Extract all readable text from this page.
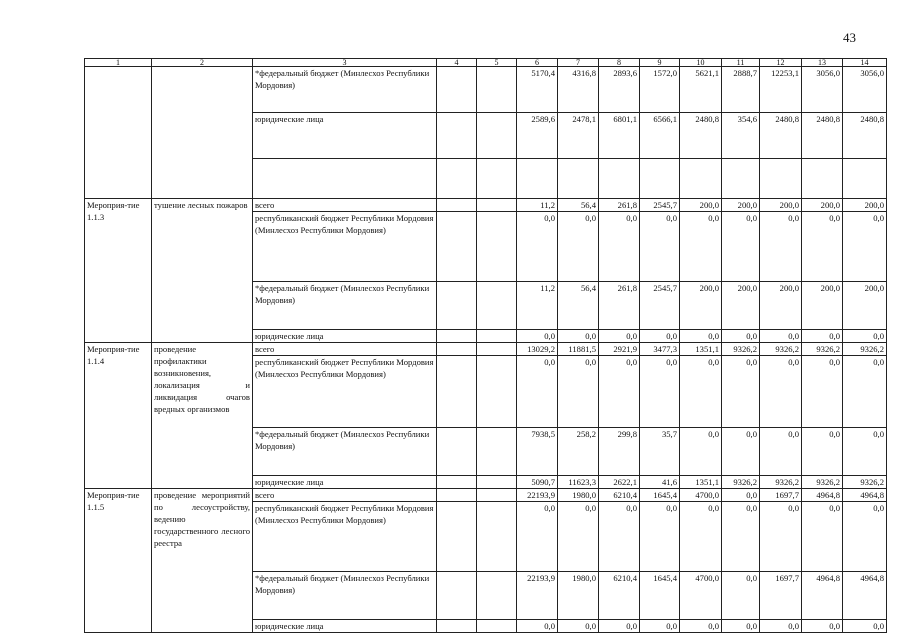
43
1	2	3	4	5	6	7	8	9	10	11	12	13	14
		*федеральный бюджет (Минлесхоз Республики Мордовия)			5170,4	4316,8	2893,6	1572,0	5621,1	2888,7	12253,1	3056,0	3056,0
		юридические лица			2589,6	2478,1	6801,1	6566,1	2480,8	354,6	2480,8	2480,8	2480,8

Мероприя-тие 1.1.3	тушение лесных пожаров	всего			11,2	56,4	261,8	2545,7	200,0	200,0	200,0	200,0	200,0
		республиканский бюджет Республики Мордовия (Минлесхоз Республики Мордовия)			0,0	0,0	0,0	0,0	0,0	0,0	0,0	0,0	0,0
		*федеральный бюджет (Минлесхоз Республики Мордовия)			11,2	56,4	261,8	2545,7	200,0	200,0	200,0	200,0	200,0
		юридические лица			0,0	0,0	0,0	0,0	0,0	0,0	0,0	0,0	0,0
Мероприя-тие 1.1.4	проведение профилактики возникновения, локализация и ликвидация очагов вредных организмов	всего			13029,2	11881,5	2921,9	3477,3	1351,1	9326,2	9326,2	9326,2	9326,2
		республиканский бюджет Республики Мордовия (Минлесхоз Республики Мордовия)			0,0	0,0	0,0	0,0	0,0	0,0	0,0	0,0	0,0
		*федеральный бюджет (Минлесхоз Республики Мордовия)			7938,5	258,2	299,8	35,7	0,0	0,0	0,0	0,0	0,0
		юридические лица			5090,7	11623,3	2622,1	41,6	1351,1	9326,2	9326,2	9326,2	9326,2
Мероприя-тие 1.1.5	проведение мероприятий по лесоустройству, ведению государственного лесного реестра	всего			22193,9	1980,0	6210,4	1645,4	4700,0	0,0	1697,7	4964,8	4964,8
		республиканский бюджет Республики Мордовия (Минлесхоз Республики Мордовия)			0,0	0,0	0,0	0,0	0,0	0,0	0,0	0,0	0,0
		*федеральный бюджет (Минлесхоз Республики Мордовия)			22193,9	1980,0	6210,4	1645,4	4700,0	0,0	1697,7	4964,8	4964,8
		юридические лица			0,0	0,0	0,0	0,0	0,0	0,0	0,0	0,0	0,0
